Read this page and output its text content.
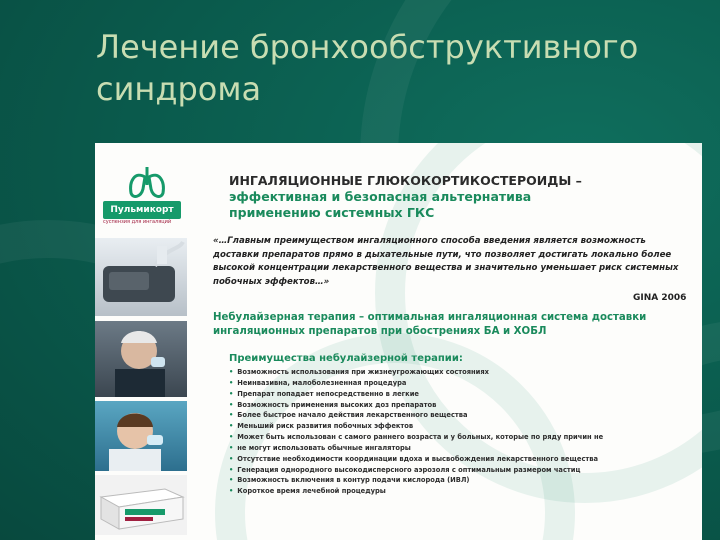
Лечение бронхообструктивного синдрома
Пульмикорт
суспензия для ингаляций
ИНГАЛЯЦИОННЫЕ ГЛЮКОКОРТИКОСТЕРОИДЫ –
эффективная и безопасная альтернатива
применению системных ГКС
«…Главным преимуществом ингаляционного способа введения является возможность доставки препаратов прямо в дыхательные пути, что позволяет достигать локально более высокой концентрации лекарственного вещества и значительно уменьшает риск системных побочных эффектов…»
GINA 2006
Небулайзерная терапия – оптимальная ингаляционная система доставки ингаляционных препаратов при обострениях БА и ХОБЛ
Преимущества небулайзерной терапии:
• Возможность использования при жизнеугрожающих состояниях
• Неинвазивна, малоболезненная процедура
• Препарат попадает непосредственно в легкие
• Возможность применения высоких доз препаратов
• Более быстрое начало действия лекарственного вещества
• Меньший риск развития побочных эффектов
• Может быть использован с самого раннего возраста и у больных, которые по ряду причин не
• не могут использовать обычные ингаляторы
• Отсутствие необходимости координации вдоха и высвобождения лекарственного вещества
• Генерация однородного высокодисперсного аэрозоля с оптимальным размером частиц
• Возможность включения в контур подачи кислорода (ИВЛ)
• Короткое время лечебной процедуры
